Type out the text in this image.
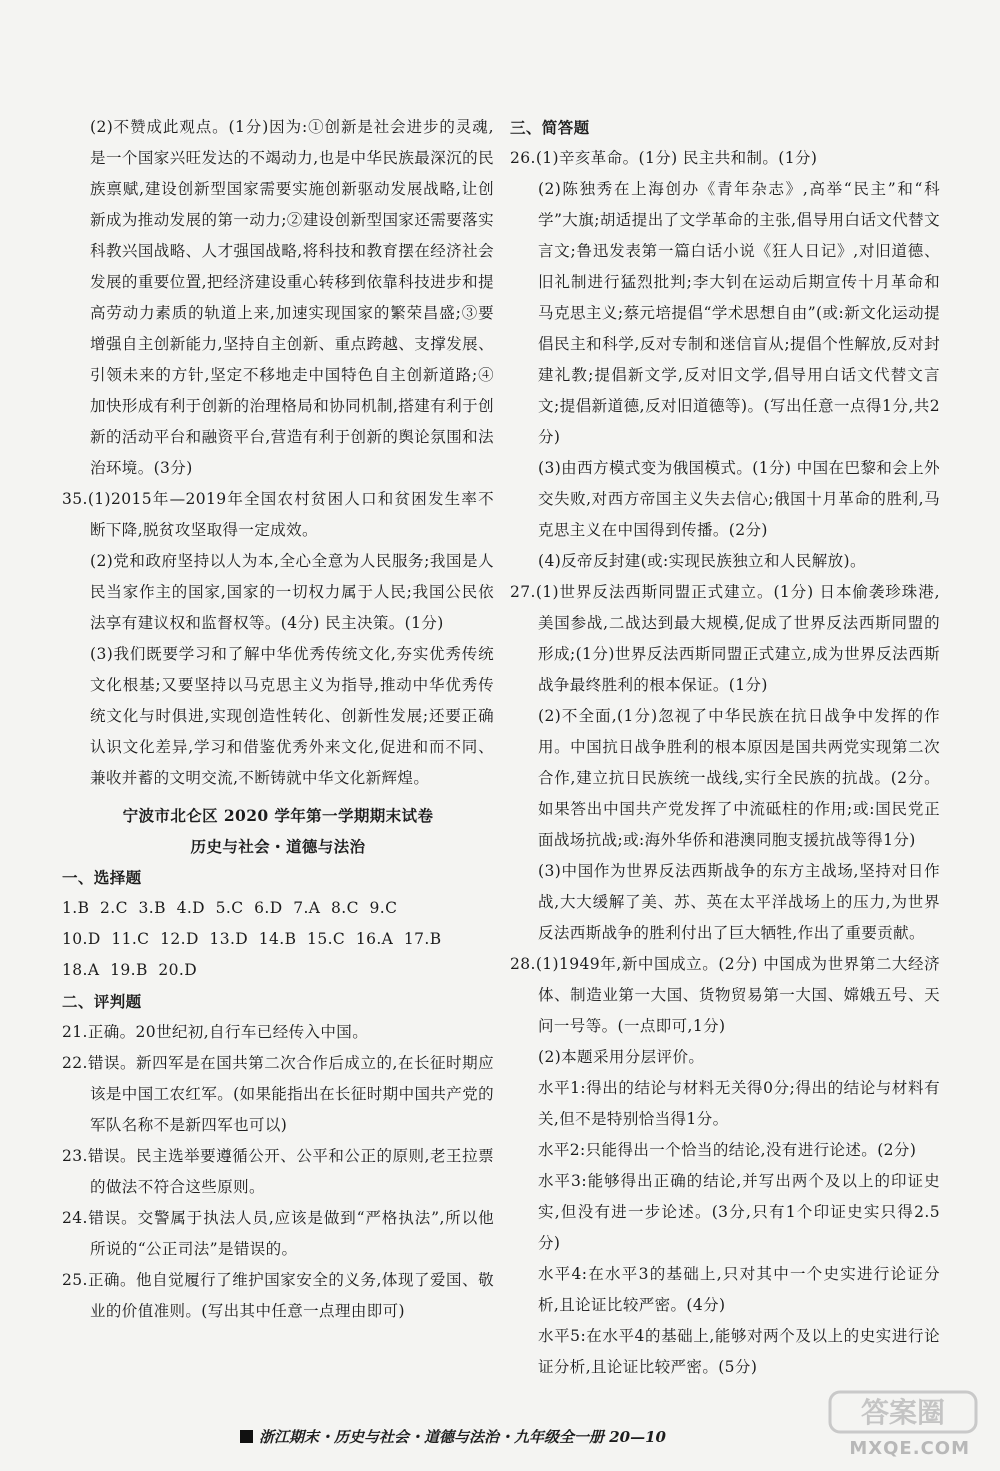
(2)不赞成此观点。(1分)因为:①创新是社会进步的灵魂,是一个国家兴旺发达的不竭动力,也是中华民族最深沉的民族禀赋,建设创新型国家需要实施创新驱动发展战略,让创新成为推动发展的第一动力;②建设创新型国家还需要落实科教兴国战略、人才强国战略,将科技和教育摆在经济社会发展的重要位置,把经济建设重心转移到依靠科技进步和提高劳动力素质的轨道上来,加速实现国家的繁荣昌盛;③要增强自主创新能力,坚持自主创新、重点跨越、支撑发展、引领未来的方针,坚定不移地走中国特色自主创新道路;④加快形成有利于创新的治理格局和协同机制,搭建有利于创新的活动平台和融资平台,营造有利于创新的舆论氛围和法治环境。(3分)

35.(1)2015年—2019年全国农村贫困人口和贫困发生率不断下降,脱贫攻坚取得一定成效。

(2)党和政府坚持以人为本,全心全意为人民服务;我国是人民当家作主的国家,国家的一切权力属于人民;我国公民依法享有建议权和监督权等。(4分) 民主决策。(1分)

(3)我们既要学习和了解中华优秀传统文化,夯实优秀传统文化根基;又要坚持以马克思主义为指导,推动中华优秀传统文化与时俱进,实现创造性转化、创新性发展;还要正确认识文化差异,学习和借鉴优秀外来文化,促进和而不同、兼收并蓄的文明交流,不断铸就中华文化新辉煌。

宁波市北仑区 2020 学年第一学期期末试卷

历史与社会・道德与法治

一、选择题

1.B  2.C  3.B  4.D  5.C  6.D  7.A  8.C  9.C

10.D  11.C  12.D  13.D  14.B  15.C  16.A  17.B

18.A  19.B  20.D

二、评判题

21.正确。20世纪初,自行车已经传入中国。

22.错误。新四军是在国共第二次合作后成立的,在长征时期应该是中国工农红军。(如果能指出在长征时期中国共产党的军队名称不是新四军也可以)

23.错误。民主选举要遵循公开、公平和公正的原则,老王拉票的做法不符合这些原则。

24.错误。交警属于执法人员,应该是做到“严格执法”,所以他所说的“公正司法”是错误的。

25.正确。他自觉履行了维护国家安全的义务,体现了爱国、敬业的价值准则。(写出其中任意一点理由即可)

三、简答题

26.(1)辛亥革命。(1分) 民主共和制。(1分)

(2)陈独秀在上海创办《青年杂志》,高举“民主”和“科学”大旗;胡适提出了文学革命的主张,倡导用白话文代替文言文;鲁迅发表第一篇白话小说《狂人日记》,对旧道德、旧礼制进行猛烈批判;李大钊在运动后期宣传十月革命和马克思主义;蔡元培提倡“学术思想自由”(或:新文化运动提倡民主和科学,反对专制和迷信盲从;提倡个性解放,反对封建礼教;提倡新文学,反对旧文学,倡导用白话文代替文言文;提倡新道德,反对旧道德等)。(写出任意一点得1分,共2分)

(3)由西方模式变为俄国模式。(1分) 中国在巴黎和会上外交失败,对西方帝国主义失去信心;俄国十月革命的胜利,马克思主义在中国得到传播。(2分)

(4)反帝反封建(或:实现民族独立和人民解放)。

27.(1)世界反法西斯同盟正式建立。(1分) 日本偷袭珍珠港,美国参战,二战达到最大规模,促成了世界反法西斯同盟的形成;(1分)世界反法西斯同盟正式建立,成为世界反法西斯战争最终胜利的根本保证。(1分)

(2)不全面,(1分)忽视了中华民族在抗日战争中发挥的作用。中国抗日战争胜利的根本原因是国共两党实现第二次合作,建立抗日民族统一战线,实行全民族的抗战。(2分。如果答出中国共产党发挥了中流砥柱的作用;或:国民党正面战场抗战;或:海外华侨和港澳同胞支援抗战等得1分)

(3)中国作为世界反法西斯战争的东方主战场,坚持对日作战,大大缓解了美、苏、英在太平洋战场上的压力,为世界反法西斯战争的胜利付出了巨大牺牲,作出了重要贡献。

28.(1)1949年,新中国成立。(2分) 中国成为世界第二大经济体、制造业第一大国、货物贸易第一大国、嫦娥五号、天问一号等。(一点即可,1分)

(2)本题采用分层评价。

水平1:得出的结论与材料无关得0分;得出的结论与材料有关,但不是特别恰当得1分。

水平2:只能得出一个恰当的结论,没有进行论述。(2分)

水平3:能够得出正确的结论,并写出两个及以上的印证史实,但没有进一步论述。(3分,只有1个印证史实只得2.5分)

水平4:在水平3的基础上,只对其中一个史实进行论证分析,且论证比较严密。(4分)

水平5:在水平4的基础上,能够对两个及以上的史实进行论证分析,且论证比较严密。(5分)

浙江期末・历史与社会・道德与法治・九年级全一册 20—10
答案圈
MXQE.COM
